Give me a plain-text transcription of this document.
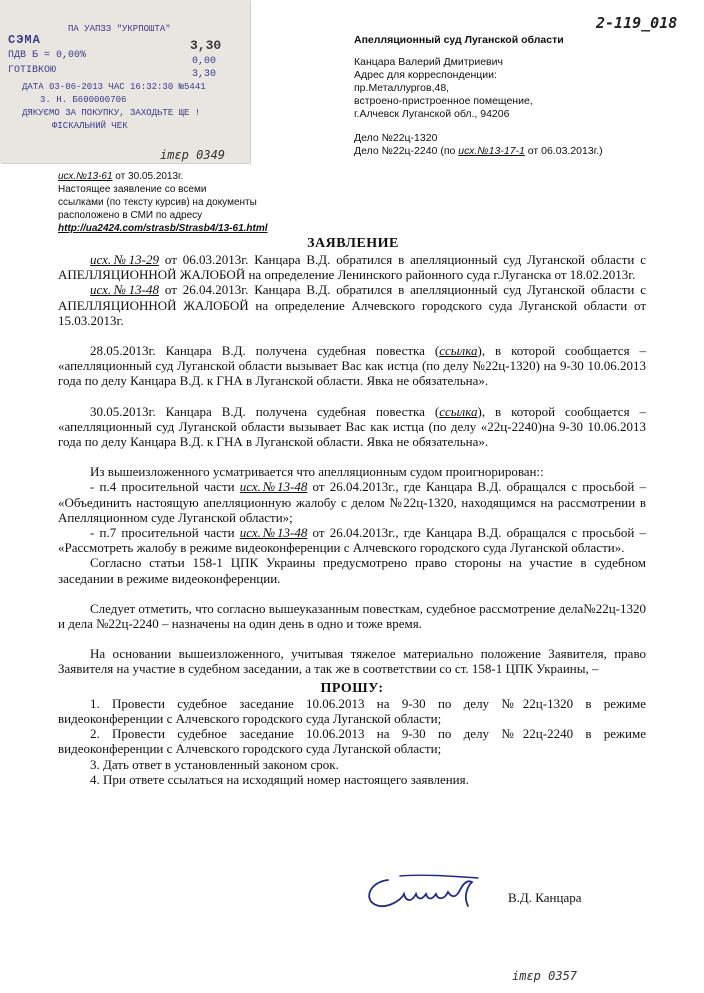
ПА УАПЗЗ "УКРПОШТА"
СЭМА	3,30
ПДВ Б = 0,00%
0,00
ГОТІВКОЮ	3,30
ДАТА 03-06-2013 ЧАС 16:32:30 №5441
3. Н. Б600000706
ДЯКУЄМО ЗА ПОКУПКУ, ЗАХОДЬТЕ ЩЕ !
ФІСКАЛЬНИЙ ЧЕК
imεр 0349
imεр 0357
2-119_018
Апелляционный суд Луганской области
Канцара Валерий Дмитриевич
Адрес для корреспонденции:
пр.Металлургов,48,
встроено-пристроенное помещение,
г.Алчевск Луганской обл., 94206
Дело №22ц-1320
Дело №22ц-2240 (по исх.№13-17-1 от 06.03.2013г.)
исх.№13-61 от 30.05.2013г.
Настоящее заявление со всеми
ссылками (по тексту курсив) на документы
расположено в СМИ по адресу
http://ua2424.com/strasb/Strasb4/13-61.html
ЗАЯВЛЕНИЕ

исх.№13-29 от 06.03.2013г. Канцара В.Д. обратился в апелляционный суд Луганской области с АПЕЛЛЯЦИОННОЙ ЖАЛОБОЙ на определение Ленинского районного суда г.Луганска от 18.02.2013г.

исх.№13-48 от 26.04.2013г. Канцара В.Д. обратился в апелляционный суд Луганской области с АПЕЛЛЯЦИОННОЙ ЖАЛОБОЙ на определение Алчевского городского суда Луганской области от 15.03.2013г.

28.05.2013г. Канцара В.Д. получена судебная повестка (ссылка), в которой сообщается – «апелляционный суд Луганской области вызывает Вас как истца (по делу №22ц-1320) на 9-30 10.06.2013 года по делу Канцара В.Д. к ГНА в Луганской области. Явка не обязательна».

30.05.2013г. Канцара В.Д. получена судебная повестка (ссылка), в которой сообщается – «апелляционный суд Луганской области вызывает Вас как истца (по делу «22ц-2240)на 9-30 10.06.2013 года по делу Канцара В.Д. к ГНА в Луганской области. Явка не обязательна».

Из вышеизложенного усматривается что апелляционным судом проигнорирован::

- п.4 просительной части исх.№13-48 от 26.04.2013г., где Канцара В.Д. обращался с просьбой – «Объединить настоящую апелляционную жалобу с делом №22ц-1320, находящимся на рассмотрении в Апелляционном суде Луганской области»;

- п.7 просительной части исх.№13-48 от 26.04.2013г., где Канцара В.Д. обращался с просьбой – «Рассмотреть жалобу в режиме видеоконференции с Алчевского городского суда Луганской области».

Согласно статьи 158-1 ЦПК Украины предусмотрено право стороны на участие в судебном заседании в режиме видеоконференции.

Следует отметить, что согласно вышеуказанным повесткам, судебное рассмотрение дела№22ц-1320 и дела №22ц-2240 – назначены на один день в одно и тоже время.

На основании вышеизложенного, учитывая тяжелое материально положение Заявителя, право Заявителя на участие в судебном заседании, а так же в соответствии со ст. 158-1 ЦПК Украины, –

ПРОШУ:

1. Провести судебное заседание 10.06.2013 на 9-30 по делу №22ц-1320 в режиме видеоконференции с Алчевского городского суда Луганской области;

2. Провести судебное заседание 10.06.2013 на 9-30 по делу №22ц-2240 в режиме видеоконференции с Алчевского городского суда Луганской области;

3. Дать ответ в установленный законом срок.

4. При ответе ссылаться на исходящий номер настоящего заявления.

В.Д. Канцара
